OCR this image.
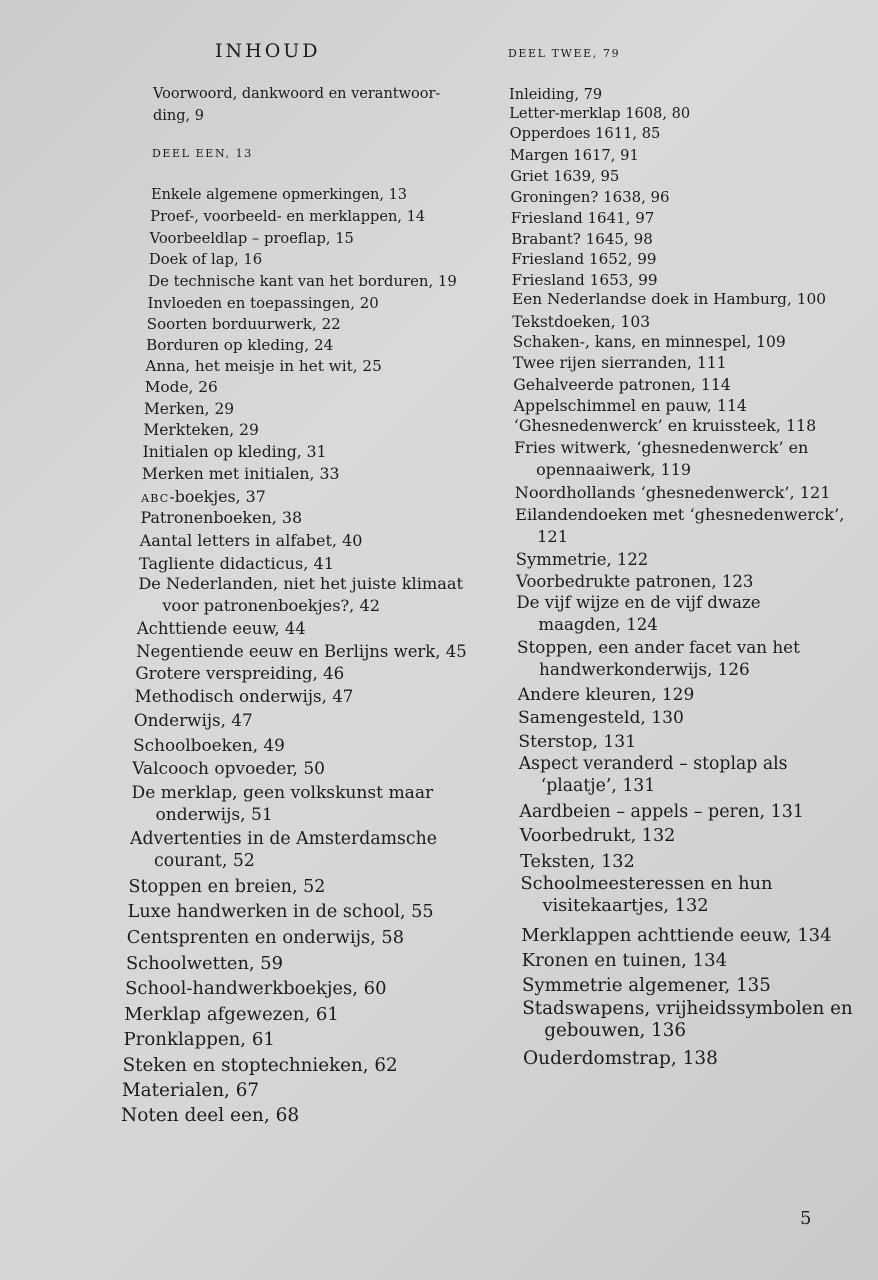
INHOUD
Voorwoord, dankwoord en verantwoor-
ding, 9
DEEL EEN, 13
DEEL TWEE, 79
Enkele algemene opmerkingen, 13
Proef-, voorbeeld- en merklappen, 14
Voorbeeldlap – proeflap, 15
Doek of lap, 16
De technische kant van het borduren, 19
Invloeden en toepassingen, 20
Soorten borduurwerk, 22
Borduren op kleding, 24
Anna, het meisje in het wit, 25
Mode, 26
Merken, 29
Merkteken, 29
Initialen op kleding, 31
Merken met initialen, 33
ABC-boekjes, 37
Patronenboeken, 38
Aantal letters in alfabet, 40
Tagliente didacticus, 41
De Nederlanden, niet het juiste klimaat
voor patronenboekjes?, 42
Achttiende eeuw, 44
Negentiende eeuw en Berlijns werk, 45
Grotere verspreiding, 46
Methodisch onderwijs, 47
Onderwijs, 47
Schoolboeken, 49
Valcooch opvoeder, 50
De merklap, geen volkskunst maar
onderwijs, 51
Advertenties in de Amsterdamsche
courant, 52
Stoppen en breien, 52
Luxe handwerken in de school, 55
Centsprenten en onderwijs, 58
Schoolwetten, 59
School-handwerkboekjes, 60
Merklap afgewezen, 61
Pronklappen, 61
Steken en stoptechnieken, 62
Materialen, 67
Noten deel een, 68
Inleiding, 79
Letter-merklap 1608, 80
Opperdoes 1611, 85
Margen 1617, 91
Griet 1639, 95
Groningen? 1638, 96
Friesland 1641, 97
Brabant? 1645, 98
Friesland 1652, 99
Friesland 1653, 99
Een Nederlandse doek in Hamburg, 100
Tekstdoeken, 103
Schaken-, kans, en minnespel, 109
Twee rijen sierranden, 111
Gehalveerde patronen, 114
Appelschimmel en pauw, 114
‘Ghesnedenwerck’ en kruissteek, 118
Fries witwerk, ‘ghesnedenwerck’ en
opennaaiwerk, 119
Noordhollands ‘ghesnedenwerck’, 121
Eilandendoeken met ‘ghesnedenwerck’,
121
Symmetrie, 122
Voorbedrukte patronen, 123
De vijf wijze en de vijf dwaze
maagden, 124
Stoppen, een ander facet van het
handwerkonderwijs, 126
Andere kleuren, 129
Samengesteld, 130
Sterstop, 131
Aspect veranderd – stoplap als
‘plaatje’, 131
Aardbeien – appels – peren, 131
Voorbedrukt, 132
Teksten, 132
Schoolmeesteressen en hun
visitekaartjes, 132
Merklappen achttiende eeuw, 134
Kronen en tuinen, 134
Symmetrie algemener, 135
Stadswapens, vrijheidssymbolen en
gebouwen, 136
Ouderdomstrap, 138
5
